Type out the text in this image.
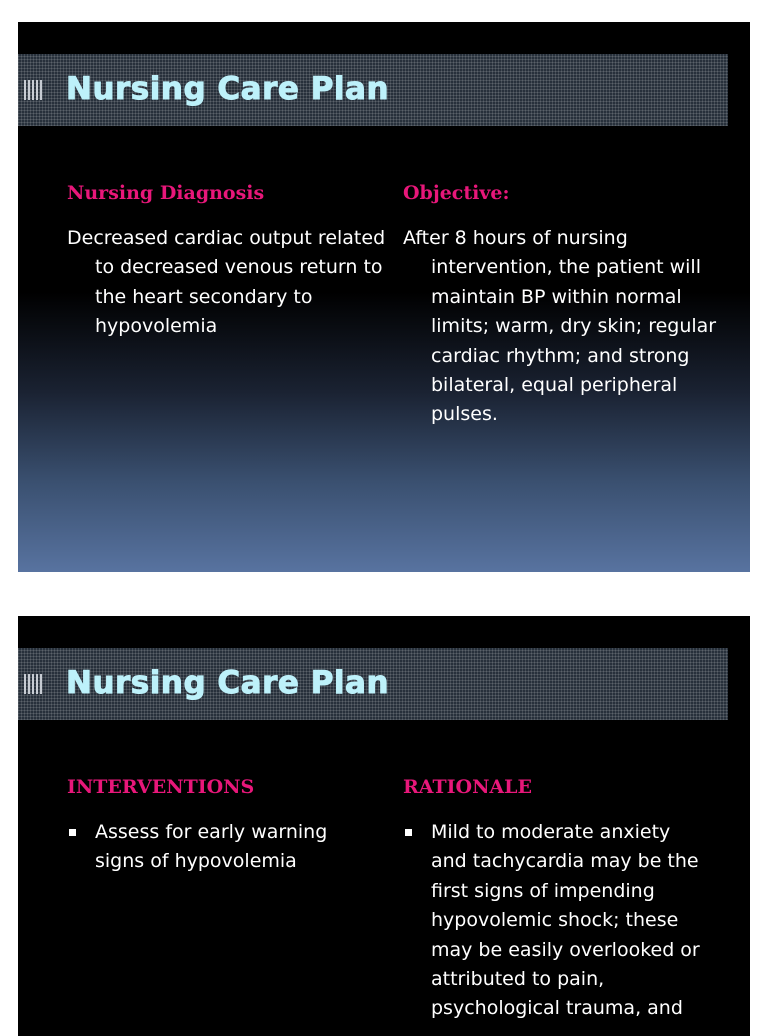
Nursing Care Plan
Nursing Diagnosis

Decreased cardiac output related to decreased venous return to the heart secondary to hypovolemia

Objective:

After 8 hours of nursing intervention, the patient will maintain BP within normal limits; warm, dry skin; regular cardiac rhythm; and strong bilateral, equal peripheral pulses.

Nursing Care Plan
INTERVENTIONS
Assess for early warning signs of hypovolemia
RATIONALE
Mild to moderate anxiety and tachycardia may be the first signs of impending hypovolemic shock; these may be easily overlooked or attributed to pain, psychological trauma, and
